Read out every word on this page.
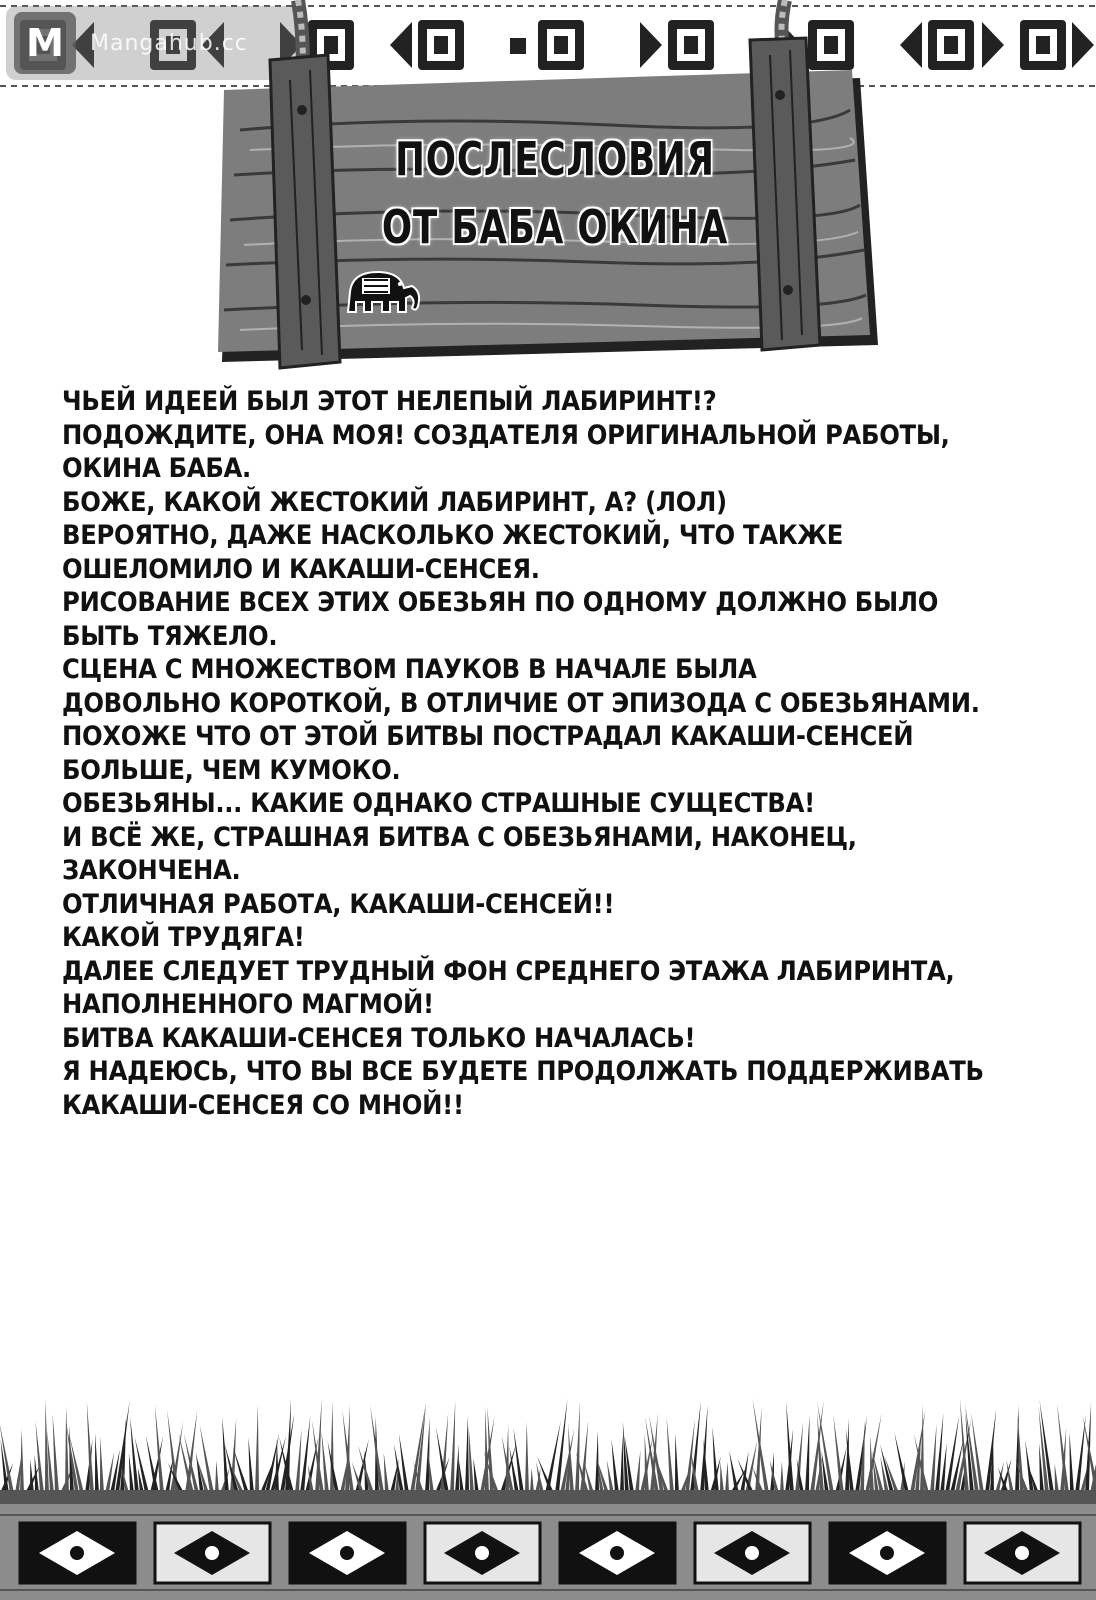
M	Mangahub.cc
ПОСЛЕСЛОВИЯ
ОТ БАБА ОКИНА
ЧЬЕЙ ИДЕЕЙ БЫЛ ЭТОТ НЕЛЕПЫЙ ЛАБИРИНТ!?
ПОДОЖДИТЕ, ОНА МОЯ! СОЗДАТЕЛЯ ОРИГИНАЛЬНОЙ РАБОТЫ,
ОКИНА БАБА.
БОЖЕ, КАКОЙ ЖЕСТОКИЙ ЛАБИРИНТ, А? (ЛОЛ)
ВЕРОЯТНО, ДАЖЕ НАСКОЛЬКО ЖЕСТОКИЙ, ЧТО ТАКЖЕ
ОШЕЛОМИЛО И КАКАШИ-СЕНСЕЯ.
РИСОВАНИЕ ВСЕХ ЭТИХ ОБЕЗЬЯН ПО ОДНОМУ ДОЛЖНО БЫЛО
БЫТЬ ТЯЖЕЛО.
СЦЕНА С МНОЖЕСТВОМ ПАУКОВ В НАЧАЛЕ БЫЛА
ДОВОЛЬНО КОРОТКОЙ, В ОТЛИЧИЕ ОТ ЭПИЗОДА С ОБЕЗЬЯНАМИ.
ПОХОЖЕ ЧТО ОТ ЭТОЙ БИТВЫ ПОСТРАДАЛ КАКАШИ-СЕНСЕЙ
БОЛЬШЕ, ЧЕМ КУМОКО.
ОБЕЗЬЯНЫ... КАКИЕ ОДНАКО СТРАШНЫЕ СУЩЕСТВА!
И ВСЁ ЖЕ, СТРАШНАЯ БИТВА С ОБЕЗЬЯНАМИ, НАКОНЕЦ,
ЗАКОНЧЕНА.
ОТЛИЧНАЯ РАБОТА, КАКАШИ-СЕНСЕЙ!!
КАКОЙ ТРУДЯГА!
ДАЛЕЕ СЛЕДУЕТ ТРУДНЫЙ ФОН СРЕДНЕГО ЭТАЖА ЛАБИРИНТА,
НАПОЛНЕННОГО МАГМОЙ!
БИТВА КАКАШИ-СЕНСЕЯ ТОЛЬКО НАЧАЛАСЬ!
Я НАДЕЮСЬ, ЧТО ВЫ ВСЕ БУДЕТЕ ПРОДОЛЖАТЬ ПОДДЕРЖИВАТЬ
КАКАШИ-СЕНСЕЯ СО МНОЙ!!
